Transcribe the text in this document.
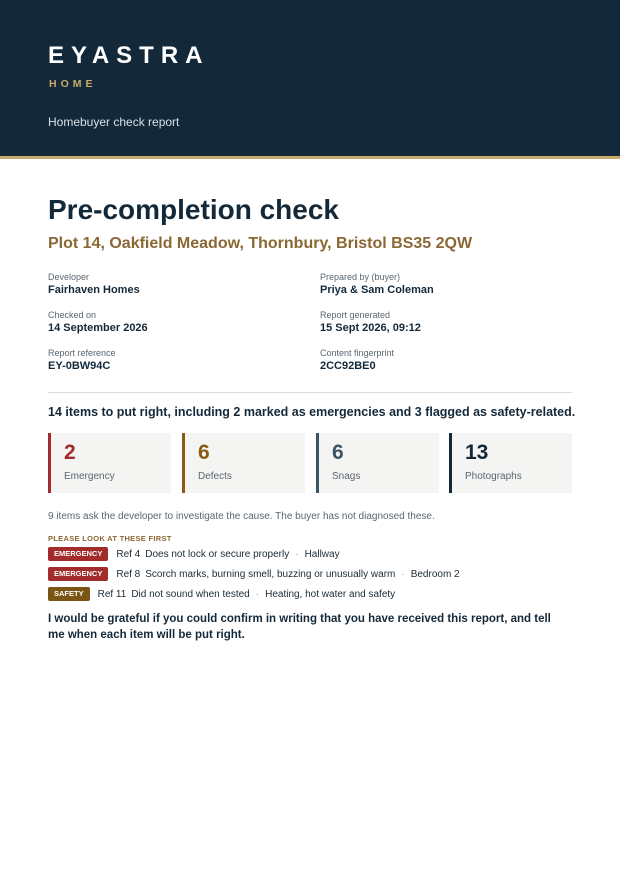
EYASTRA
HOME
Homebuyer check report
Pre-completion check
Plot 14, Oakfield Meadow, Thornbury, Bristol BS35 2QW
Developer
Fairhaven Homes
Prepared by (buyer)
Priya & Sam Coleman
Checked on
14 September 2026
Report generated
15 Sept 2026, 09:12
Report reference
EY-0BW94C
Content fingerprint
2CC92BE0
14 items to put right, including 2 marked as emergencies and 3 flagged as safety-related.
2
Emergency
6
Defects
6
Snags
13
Photographs
9 items ask the developer to investigate the cause. The buyer has not diagnosed these.
PLEASE LOOK AT THESE FIRST
EMERGENCY	Ref 4 Does not lock or secure properly · Hallway
EMERGENCY	Ref 8 Scorch marks, burning smell, buzzing or unusually warm · Bedroom 2
SAFETY	Ref 11 Did not sound when tested · Heating, hot water and safety
I would be grateful if you could confirm in writing that you have received this report, and tell me when each item will be put right.
